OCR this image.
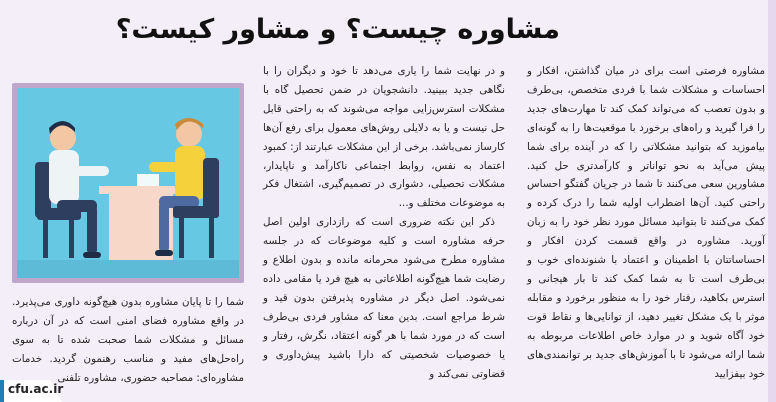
مشاوره چیست؟ و مشاور کیست؟

مشاوره فرصتی است برای در میان گذاشتن، افکار و احساسات و مشکلات شما با فردی متخصص، بی‌طرف و بدون تعصب که می‌تواند کمک کند تا مهارت‌های جدید را فرا گیرید و راه‌های برخورد با موقعیت‌ها را به گونه‌ای بیاموزید که بتوانید مشکلاتی را که در آینده برای شما پیش می‌آید به نحو توانا‌تر و کارآمدتری حل کنید. مشاورین سعی می‌کنند تا شما در جریان گفتگو احساس راحتی کنید. آن‌ها اضطراب اولیه شما را درک کرده و کمک می‌کنند تا بتوانید مسائل مورد نظر خود را به زبان آورید. مشاوره در واقع قسمت کردن افکار و احساساتتان با اطمینان و اعتماد با شنونده‌ای خوب و بی‌طرف است تا به شما کمک کند تا بار هیجانی و استرس بکاهید، رفتار خود را به منظور برخورد و مقابله موثر با یک مشکل تغییر دهید، از توانایی‌ها و نقاط قوت خود آگاه شوید و در موارد خاص اطلاعات مربوطه به شما ارائه می‌شود تا با آموزش‌های جدید بر توانمندی‌های خود بیفزایید

و در نهایت شما را یاری می‌دهد تا خود و دیگران را با نگاهی جدید ببینید. دانشجویان در ضمن تحصیل گاه با مشکلات استرس‌زایی مواجه می‌شوند که به راحتی قابل حل نیست و یا به دلایلی روش‌های معمول برای رفع آن‌ها کارساز نمی‌باشد. برخی از این مشکلات عبارتند از: کمبود اعتماد به نفس، روابط اجتماعی ناکارآمد و ناپایدار، مشکلات تحصیلی، دشواری در تصمیم‌گیری، اشتغال فکر به موضوعات مختلف و...

ذکر این نکته ضروری است که رازداری اولین اصل حرفه مشاوره است و کلیه موضوعات که در جلسه مشاوره مطرح می‌شود محرمانه مانده و بدون اطلاع و رضایت شما هیچ‌گونه اطلاعاتی به هیچ فرد یا مقامی داده نمی‌شود. اصل دیگر در مشاوره پذیرفتن بدون قید و شرط مراجع است. بدین معنا که مشاور فردی بی‌طرف است که در مورد شما با هر گونه اعتقاد، نگرش، رفتار و یا خصوصیات شخصیتی که دارا باشید پیش‌داوری و قضاوتی نمی‌کند و

شما را تا پایان مشاوره بدون هیچ‌گونه داوری می‌پذیرد. در واقع مشاوره فضای امنی است که در آن درباره مسائل و مشکلات شما صحبت شده تا به سوی راه‌حل‌های مفید و مناسب رهنمون گردید. خدمات مشاوره‌ای: مصاحبه حضوری، مشاوره تلفنی

cfu.ac.ir
